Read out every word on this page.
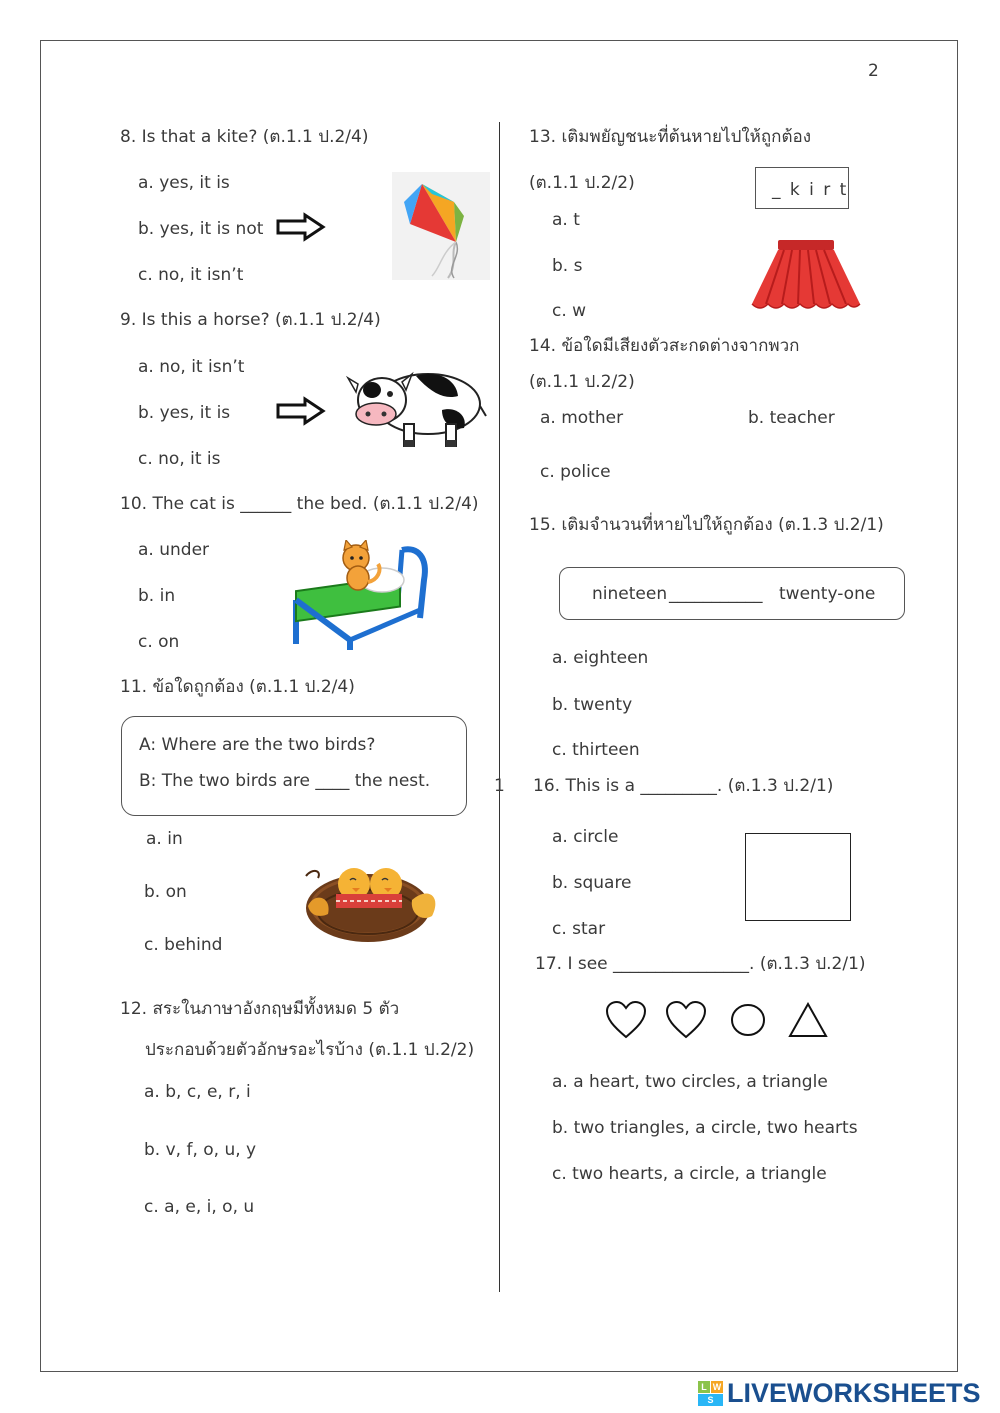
2
1
8. Is that a kite? (ต.1.1 ป.2/4)
a. yes, it is
b. yes, it is not
c. no, it isn’t
9. Is this a horse? (ต.1.1 ป.2/4)
a. no, it isn’t
b. yes, it is
c. no, it is
10. The cat is ______ the bed. (ต.1.1 ป.2/4)
a. under
b. in
c. on
11. ข้อใดถูกต้อง (ต.1.1 ป.2/4)
A: Where are the two birds?
B: The two birds are ____ the nest.
a. in
b. on
c. behind
12. สระในภาษาอังกฤษมีทั้งหมด 5 ตัว
ประกอบด้วยตัวอักษรอะไรบ้าง (ต.1.1 ป.2/2)
a. b, c, e, r, i
b. v, f, o, u, y
c. a, e, i, o, u
13. เติมพยัญชนะที่ต้นหายไปให้ถูกต้อง
(ต.1.1 ป.2/2)	_ k i r t
a. t
b. s
c. w
14. ข้อใดมีเสียงตัวสะกดต่างจากพวก
(ต.1.1 ป.2/2)
a. mother	b. teacher
c. police
15. เติมจำนวนที่หายไปให้ถูกต้อง (ต.1.3 ป.2/1)
nineteen ___________ twenty-one
a. eighteen
b. twenty
c. thirteen
16. This is a _________. (ต.1.3 ป.2/1)
a. circle
b. square
c. star
17. I see ________________. (ต.1.3 ป.2/1)
a. a heart, two circles, a triangle
b. two triangles, a circle, two hearts
c. two hearts, a circle, a triangle
L W
S LIVEWORKSHEETS
